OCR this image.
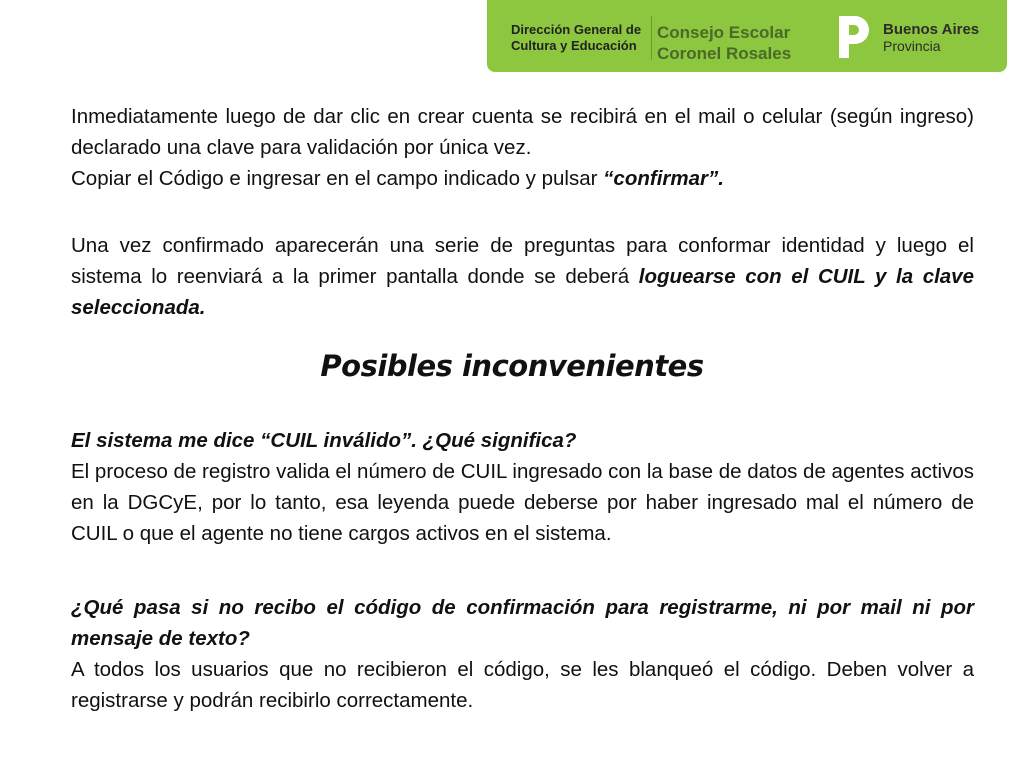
Dirección General de
Cultura y Educación
Consejo Escolar
Coronel Rosales
Buenos Aires
Provincia

Inmediatamente luego de dar clic en crear cuenta se recibirá en el mail o celular (según ingreso) declarado una clave para validación por única vez.

Copiar el Código e ingresar en el campo indicado y pulsar “confirmar”.

Una vez confirmado aparecerán una serie de preguntas para conformar identidad y luego el sistema lo reenviará a la primer pantalla donde se deberá loguearse con el CUIL y la clave seleccionada.

Posibles inconvenientes

El sistema me dice “CUIL inválido”. ¿Qué significa?

El proceso de registro valida el número de CUIL ingresado con la base de datos de agentes activos en la DGCyE, por lo tanto, esa leyenda puede deberse por haber ingresado mal el número de CUIL o que el agente no tiene cargos activos en el sistema.

¿Qué pasa si no recibo el código de confirmación para registrarme, ni por mail ni por mensaje de texto?

A todos los usuarios que no recibieron el código, se les blanqueó el código. Deben volver a registrarse y podrán recibirlo correctamente.
